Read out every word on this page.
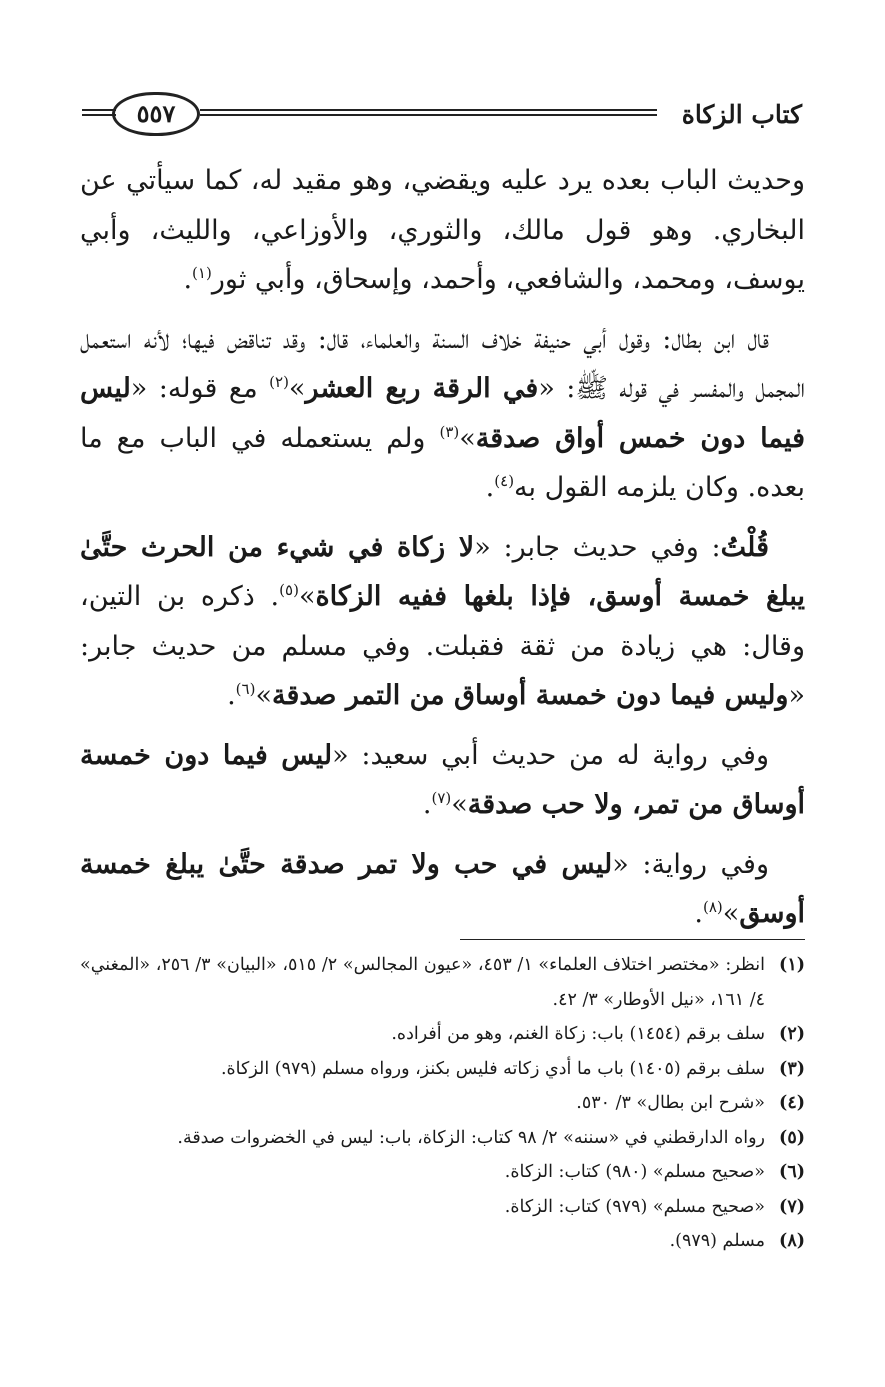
كتاب الزكاة
٥٥٧

وحديث الباب بعده يرد عليه ويقضي، وهو مقيد له، كما سيأتي عن البخاري. وهو قول مالك، والثوري، والأوزاعي، والليث، وأبي يوسف، ومحمد، والشافعي، وأحمد، وإسحاق، وأبي ثور$^{(١)}$.

قال ابن بطال: وقول أبي حنيفة خلاف السنة والعلماء، قال: وقد تناقض فيها؛ لأنه استعمل المجمل والمفسر في قوله ﷺ: «في الرقة ربع العشر»$^{(٢)}$ مع قوله: «ليس فيما دون خمس أواق صدقة»$^{(٣)}$ ولم يستعمله في الباب مع ما بعده. وكان يلزمه القول به$^{(٤)}$.

قُلْتُ: وفي حديث جابر: «لا زكاة في شيء من الحرث حتَّىٰ يبلغ خمسة أوسق، فإذا بلغها ففيه الزكاة»$^{(٥)}$. ذكره بن التين، وقال: هي زيادة من ثقة فقبلت. وفي مسلم من حديث جابر: «وليس فيما دون خمسة أوساق من التمر صدقة»$^{(٦)}$.

وفي رواية له من حديث أبي سعيد: «ليس فيما دون خمسة أوساق من تمر، ولا حب صدقة»$^{(٧)}$.

وفي رواية: «ليس في حب ولا تمر صدقة حتَّىٰ يبلغ خمسة أوسق»$^{(٨)}$.

(١)
انظر: «مختصر اختلاف العلماء» ١/ ٤٥٣، «عيون المجالس» ٢/ ٥١٥، «البيان» ٣/ ٢٥٦، «المغني» ٤/ ١٦١، «نيل الأوطار» ٣/ ٤٢.
(٢)
سلف برقم (١٤٥٤) باب: زكاة الغنم، وهو من أفراده.
(٣)
سلف برقم (١٤٠٥) باب ما أدي زكاته فليس بكنز، ورواه مسلم (٩٧٩) الزكاة.
(٤)
«شرح ابن بطال» ٣/ ٥٣٠.
(٥)
رواه الدارقطني في «سننه» ٢/ ٩٨ كتاب: الزكاة، باب: ليس في الخضروات صدقة.
(٦)
«صحيح مسلم» (٩٨٠) كتاب: الزكاة.
(٧)
«صحيح مسلم» (٩٧٩) كتاب: الزكاة.
(٨)
مسلم (٩٧٩).
